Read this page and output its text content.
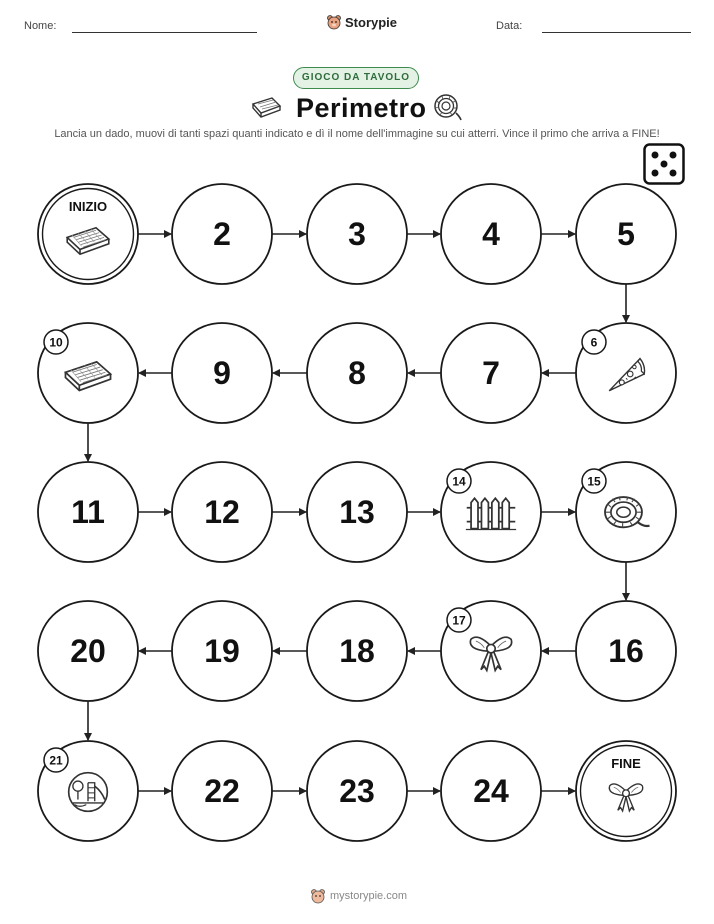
Nome:	Storypie	Data:
GIOCO DA TAVOLO
Perimetro
Lancia un dado, muovi di tanti spazi quanti indicato e dì il nome dell'immagine su cui atterri. Vince il primo che arriva a FINE!
INIZIO
2	3	4	5
6
7
8
9
10
11	12	13
14	15
16
17
18
19
20
21
22	23	24
FINE
mystorypie.com
